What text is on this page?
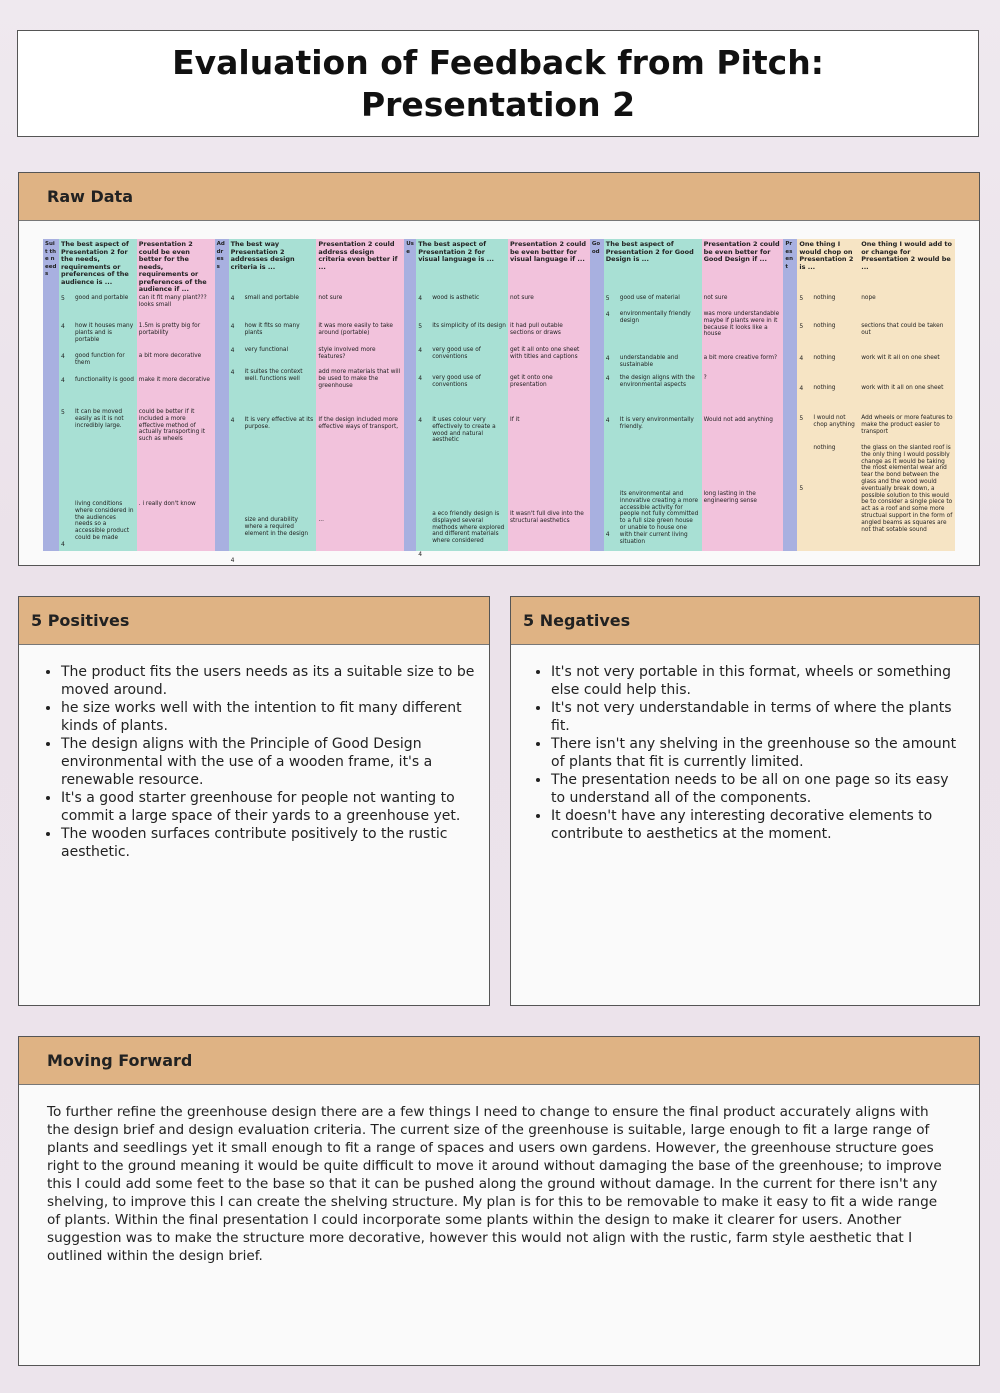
Evaluation of Feedback from Pitch:
Presentation 2
Raw Data
Suit the needs
The best aspect of Presentation 2 for the needs, requirements or preferences of the audience is ...
good and portable
5
how it houses many plants and is portable
4
good function for them
4
functionality is good
4
It can be moved easily as it is not incredibly large.
5
living conditions where considered in the audiences needs so a accessible product could be made
4
Presentation 2 could be even better for the needs, requirements or preferences of the audience if ...
can it fit many plant??? looks small
1.5m is pretty big for portability
a bit more decorative
make it more decorative
could be better if it included a more effective method of actually transporting it such as wheels
. i really don't know
Address
The best way Presentation 2 addresses design criteria is ...
small and portable
4
how it fits so many plants
4
very functional
4
it suites the context well. functions well
4
It is very effective at its purpose.
4
size and durability where a required element in the design
4
Presentation 2 could address design criteria even better if ...
not sure
it was more easily to take around (portable)
style involved more features?
add more materials that will be used to make the greenhouse
If the design included more effective ways of transport,
...
Use
The best aspect of Presentation 2 for visual language is ...
wood is asthetic
4
its simplicity of its design
5
very good use of conventions
4
very good use of conventions
4
It uses colour very effectively to create a wood and natural aesthetic
4
a eco friendly design is displayed several methods where explored and different materials where considered
4
Presentation 2 could be even better for visual language if ...
not sure
it had pull outable sections or draws
get it all onto one sheet with titles and captions
get it onto one presentation
If it
It wasn't full dive into the structural aesthetics
Good
The best aspect of Presentation 2 for Good Design is ...
good use of material
5
environmentally friendly design
4
understandable and sustainable
4
the design aligns with the environmental aspects
4
It is very environmentally friendly.
4
its environmental and innovative creating a more accessible activity for people not fully committed to a full size green house or unable to house one with their current living situation
4
Presentation 2 could be even better for Good Design if ...
not sure
was more understandable maybe if plants were in it because it looks like a house
a bit more creative form?
?
Would not add anything
long lasting in the engineering sense
Present
One thing I would chop on Presentation 2 is ...
nothing
5
nothing
5
nothing
4
nothing
4
I would not chop anything
5
nothing
5
One thing I would add to or change for Presentation 2 would be ...
nope
sections that could be taken out
work wit it all on one sheet
work with it all on one sheet
Add wheels or more features to make the product easier to transport
the glass on the slanted roof is the only thing I would possibly change as it would be taking the most elemental wear and tear the bond between the glass and the wood would eventually break down, a possible solution to this would be to consider a single piece to act as a roof and some more structual support in the form of angled beams as squares are not that sotable sound
5 Positives
• The product fits the users needs as its a suitable size to be moved around.
• he size works well with the intention to fit many different kinds of plants.
• The design aligns with the Principle of Good Design environmental with the use of a wooden frame, it's a renewable resource.
• It's a good starter greenhouse for people not wanting to commit a large space of their yards to a greenhouse yet.
• The wooden surfaces contribute positively to the rustic aesthetic.
5 Negatives
• It's not very portable in this format, wheels or something else could help this.
• It's not very understandable in terms of where the plants fit.
• There isn't any shelving in the greenhouse so the amount of plants that fit is currently limited.
• The presentation needs to be all on one page so its easy to understand all of the components.
• It doesn't have any interesting decorative elements to contribute to aesthetics at the moment.
Moving Forward
To further refine the greenhouse design there are a few things I need to change to ensure the final product accurately aligns with the design brief and design evaluation criteria. The current size of the greenhouse is suitable, large enough to fit a large range of plants and seedlings yet it small enough to fit a range of spaces and users own gardens. However, the greenhouse structure goes right to the ground meaning it would be quite difficult to move it around without damaging the base of the greenhouse; to improve this I could add some feet to the base so that it can be pushed along the ground without damage. In the current for there isn't any shelving, to improve this I can create the shelving structure. My plan is for this to be removable to make it easy to fit a wide range of plants. Within the final presentation I could incorporate some plants within the design to make it clearer for users. Another suggestion was to make the structure more decorative, however this would not align with the rustic, farm style aesthetic that I outlined within the design brief.
